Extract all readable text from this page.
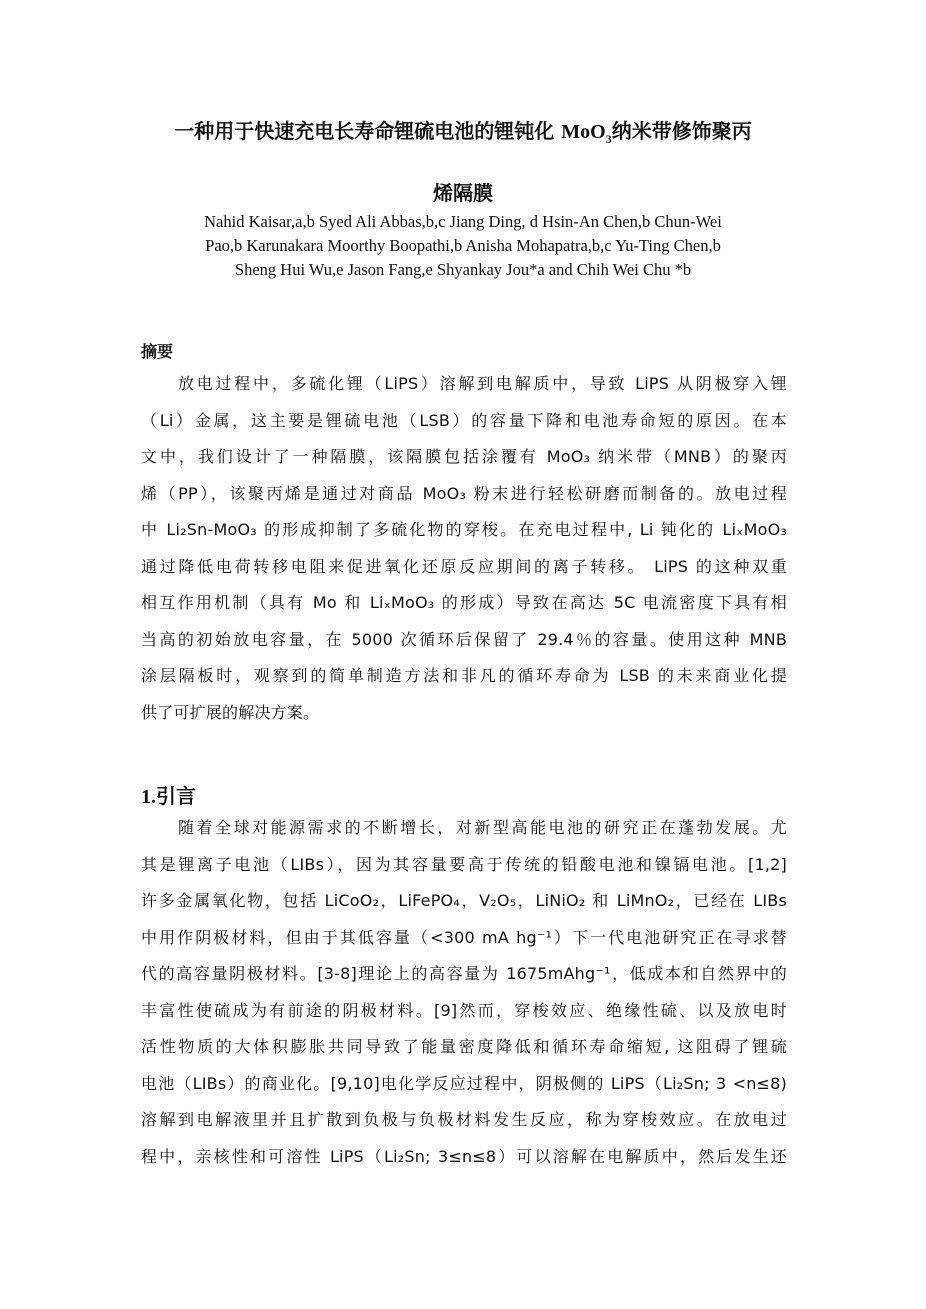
一种用于快速充电长寿命锂硫电池的锂钝化 MoO$_3$纳米带修饰聚丙
烯隔膜
Nahid Kaisar,a,b Syed Ali Abbas,b,c Jiang Ding, d Hsin-An Chen,b Chun-Wei
Pao,b Karunakara Moorthy Boopathi,b Anisha Mohapatra,b,c Yu-Ting Chen,b
Sheng Hui Wu,e Jason Fang,e Shyankay Jou*a and Chih Wei Chu *b
摘要
放电过程中，多硫化锂（LiPS）溶解到电解质中，导致 LiPS 从阴极穿入锂
（Li）金属，这主要是锂硫电池（LSB）的容量下降和电池寿命短的原因。在本
文中，我们设计了一种隔膜，该隔膜包括涂覆有 MoO₃ 纳米带（MNB）的聚丙
烯（PP），该聚丙烯是通过对商品 MoO₃ 粉末进行轻松研磨而制备的。放电过程
中 Li₂Sn-MoO₃ 的形成抑制了多硫化物的穿梭。在充电过程中, Li 钝化的 LiₓMoO₃
通过降低电荷转移电阻来促进氧化还原反应期间的离子转移。 LiPS 的这种双重
相互作用机制（具有 Mo 和 LiₓMoO₃ 的形成）导致在高达 5C 电流密度下具有相
当高的初始放电容量，在 5000 次循环后保留了 29.4％的容量。使用这种 MNB
涂层隔板时，观察到的简单制造方法和非凡的循环寿命为 LSB 的未来商业化提
供了可扩展的解决方案。
1.引言
随着全球对能源需求的不断增长，对新型高能电池的研究正在蓬勃发展。尤
其是锂离子电池（LIBs），因为其容量要高于传统的铅酸电池和镍镉电池。[1,2]
许多金属氧化物，包括 LiCoO₂，LiFePO₄，V₂O₅，LiNiO₂ 和 LiMnO₂，已经在 LIBs
中用作阴极材料，但由于其低容量（<300 mA hg⁻¹）下一代电池研究正在寻求替
代的高容量阴极材料。[3-8]理论上的高容量为 1675mAhg⁻¹，低成本和自然界中的
丰富性使硫成为有前途的阴极材料。[9]然而，穿梭效应、绝缘性硫、以及放电时
活性物质的大体积膨胀共同导致了能量密度降低和循环寿命缩短, 这阻碍了锂硫
电池（LIBs）的商业化。[9,10]电化学反应过程中，阴极侧的 LiPS（Li₂Sn; 3 <n≤8)
溶解到电解液里并且扩散到负极与负极材料发生反应，称为穿梭效应。在放电过
程中，亲核性和可溶性 LiPS（Li₂Sn; 3≤n≤8）可以溶解在电解质中，然后发生还
